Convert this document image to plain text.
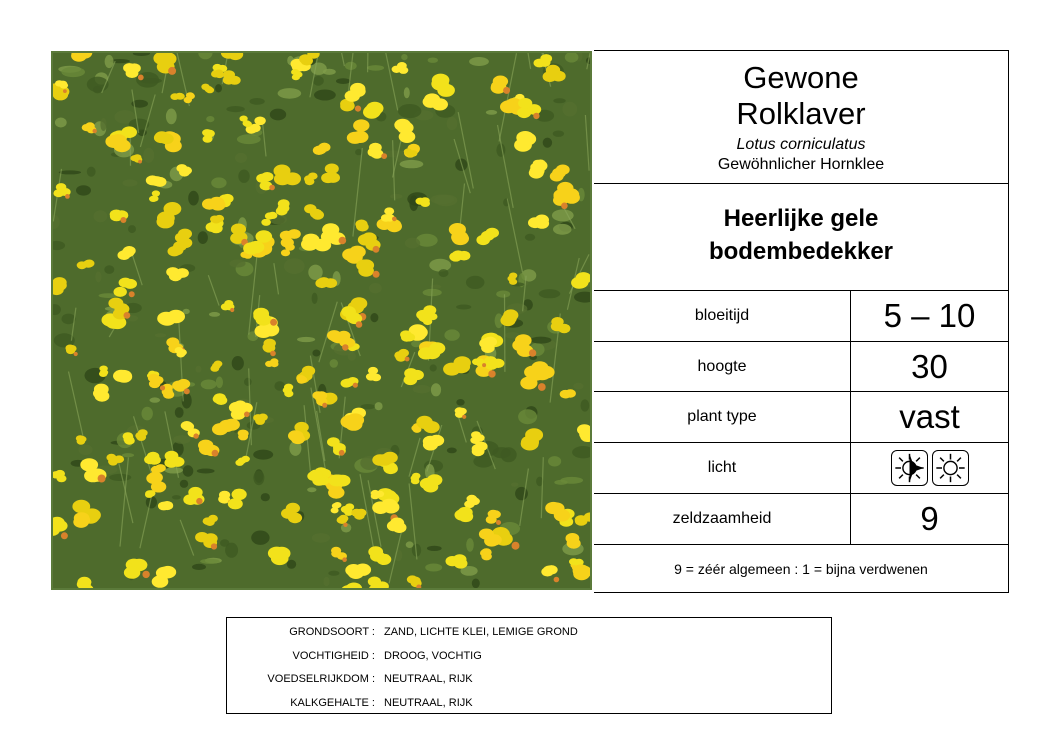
Gewone
Rolklaver
Lotus corniculatus
Gewöhnlicher Hornklee
Heerlijke gele
bodembedekker
bloeitijd	5 – 10
hoogte	30
plant type	vast
licht
zeldzaamheid	9
9 = zéér algemeen : 1 = bijna verdwenen
GRONDSOORT : ZAND, LICHTE KLEI, LEMIGE GROND
VOCHTIGHEID : DROOG, VOCHTIG
VOEDSELRIJKDOM : NEUTRAAL, RIJK
KALKGEHALTE : NEUTRAAL, RIJK
